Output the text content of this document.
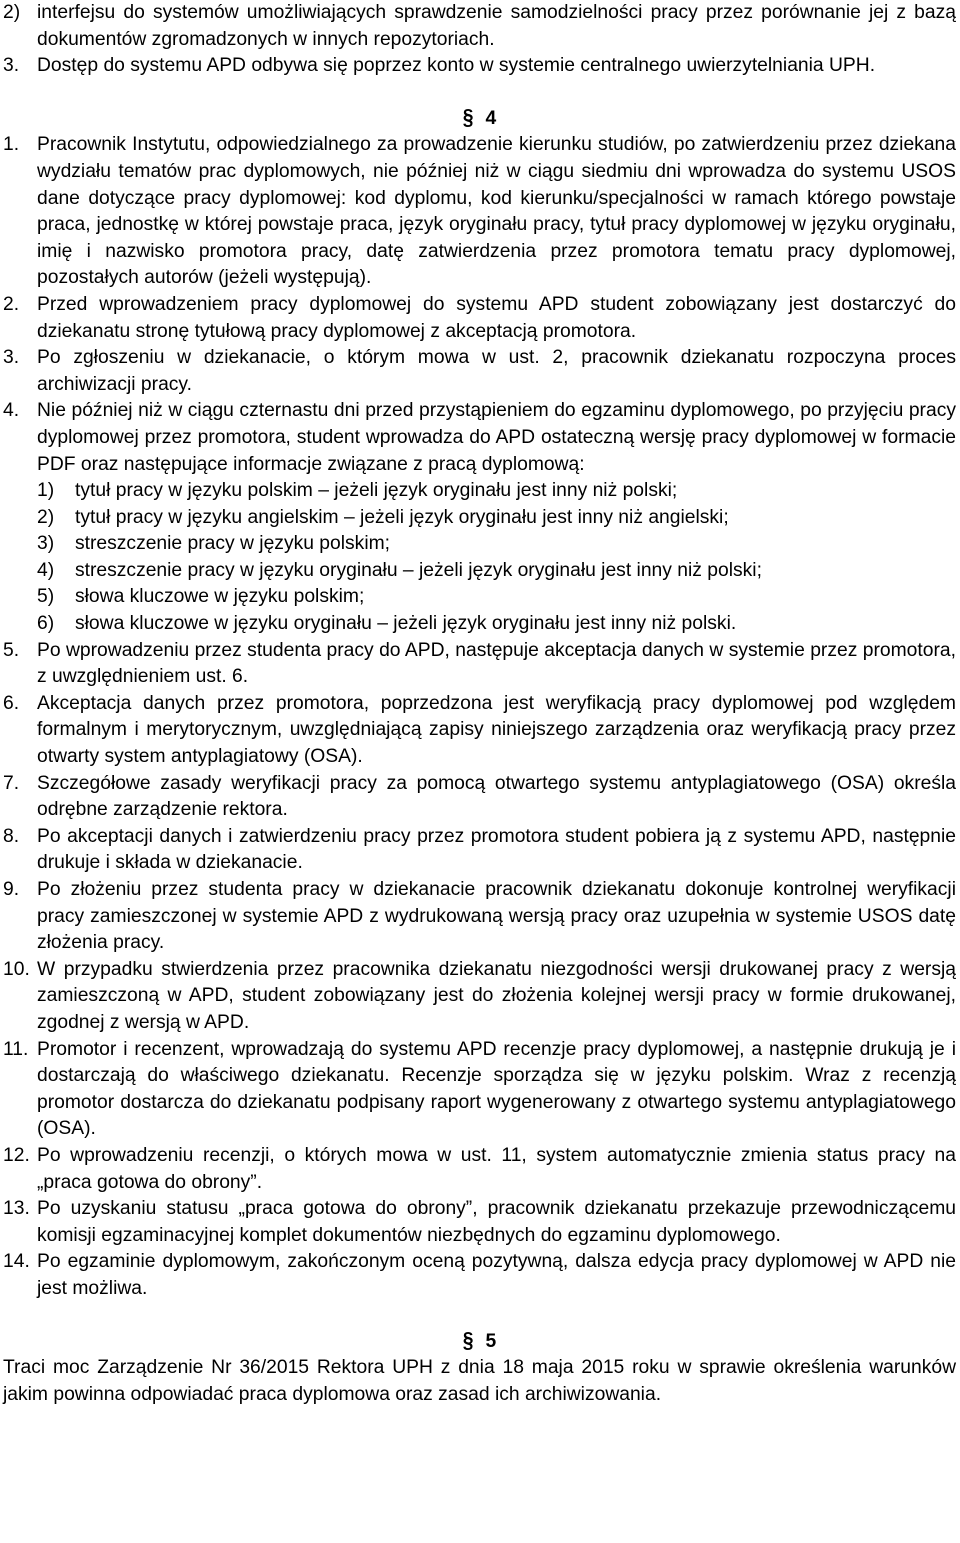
2) interfejsu do systemów umożliwiających sprawdzenie samodzielności pracy przez porównanie jej z bazą dokumentów zgromadzonych w innych repozytoriach.
3. Dostęp do systemu APD odbywa się poprzez konto w systemie centralnego uwierzytelniania UPH.
§ 4
1. Pracownik Instytutu, odpowiedzialnego za prowadzenie kierunku studiów, po zatwierdzeniu przez dziekana wydziału tematów prac dyplomowych, nie później niż w ciągu siedmiu dni wprowadza do systemu USOS dane dotyczące pracy dyplomowej: kod dyplomu, kod kierunku/specjalności w ramach którego powstaje praca, jednostkę w której powstaje praca, język oryginału pracy, tytuł pracy dyplomowej w języku oryginału, imię i nazwisko promotora pracy, datę zatwierdzenia przez promotora tematu pracy dyplomowej, pozostałych autorów (jeżeli występują).
2. Przed wprowadzeniem pracy dyplomowej do systemu APD student zobowiązany jest dostarczyć do dziekanatu stronę tytułową pracy dyplomowej z akceptacją promotora.
3. Po zgłoszeniu w dziekanacie, o którym mowa w ust. 2, pracownik dziekanatu rozpoczyna proces archiwizacji pracy.
4. Nie później niż w ciągu czternastu dni przed przystąpieniem do egzaminu dyplomowego, po przyjęciu pracy dyplomowej przez promotora, student wprowadza do APD ostateczną wersję pracy dyplomowej w formacie PDF oraz następujące informacje związane z pracą dyplomową:
1) tytuł pracy w języku polskim – jeżeli język oryginału jest inny niż polski;
2) tytuł pracy w języku angielskim – jeżeli język oryginału jest inny niż angielski;
3) streszczenie pracy w języku polskim;
4) streszczenie pracy w języku oryginału – jeżeli język oryginału jest inny niż polski;
5) słowa kluczowe w języku polskim;
6) słowa kluczowe w języku oryginału – jeżeli język oryginału jest inny niż polski.
5. Po wprowadzeniu przez studenta pracy do APD, następuje akceptacja danych w systemie przez promotora, z uwzględnieniem ust. 6.
6. Akceptacja danych przez promotora, poprzedzona jest weryfikacją pracy dyplomowej pod względem formalnym i merytorycznym, uwzględniającą zapisy niniejszego zarządzenia oraz weryfikacją pracy przez otwarty system antyplagiatowy (OSA).
7. Szczegółowe zasady weryfikacji pracy za pomocą otwartego systemu antyplagiatowego (OSA) określa odrębne zarządzenie rektora.
8. Po akceptacji danych i zatwierdzeniu pracy przez promotora student pobiera ją z systemu APD, następnie drukuje i składa w dziekanacie.
9. Po złożeniu przez studenta pracy w dziekanacie pracownik dziekanatu dokonuje kontrolnej weryfikacji pracy zamieszczonej w systemie APD z wydrukowaną wersją pracy oraz uzupełnia w systemie USOS datę złożenia pracy.
10. W przypadku stwierdzenia przez pracownika dziekanatu niezgodności wersji drukowanej pracy z wersją zamieszczoną w APD, student zobowiązany jest do złożenia kolejnej wersji pracy w formie drukowanej, zgodnej z wersją w APD.
11. Promotor i recenzent, wprowadzają do systemu APD recenzje pracy dyplomowej, a następnie drukują je i dostarczają do właściwego dziekanatu. Recenzje sporządza się w języku polskim. Wraz z recenzją promotor dostarcza do dziekanatu podpisany raport wygenerowany z otwartego systemu antyplagiatowego (OSA).
12. Po wprowadzeniu recenzji, o których mowa w ust. 11, system automatycznie zmienia status pracy na „praca gotowa do obrony”.
13. Po uzyskaniu statusu „praca gotowa do obrony”, pracownik dziekanatu przekazuje przewodniczącemu komisji egzaminacyjnej komplet dokumentów niezbędnych do egzaminu dyplomowego.
14. Po egzaminie dyplomowym, zakończonym oceną pozytywną, dalsza edycja pracy dyplomowej w APD nie jest możliwa.
§ 5
Traci moc Zarządzenie Nr 36/2015 Rektora UPH z dnia 18 maja 2015 roku w sprawie określenia warunków jakim powinna odpowiadać praca dyplomowa oraz zasad ich archiwizowania.
